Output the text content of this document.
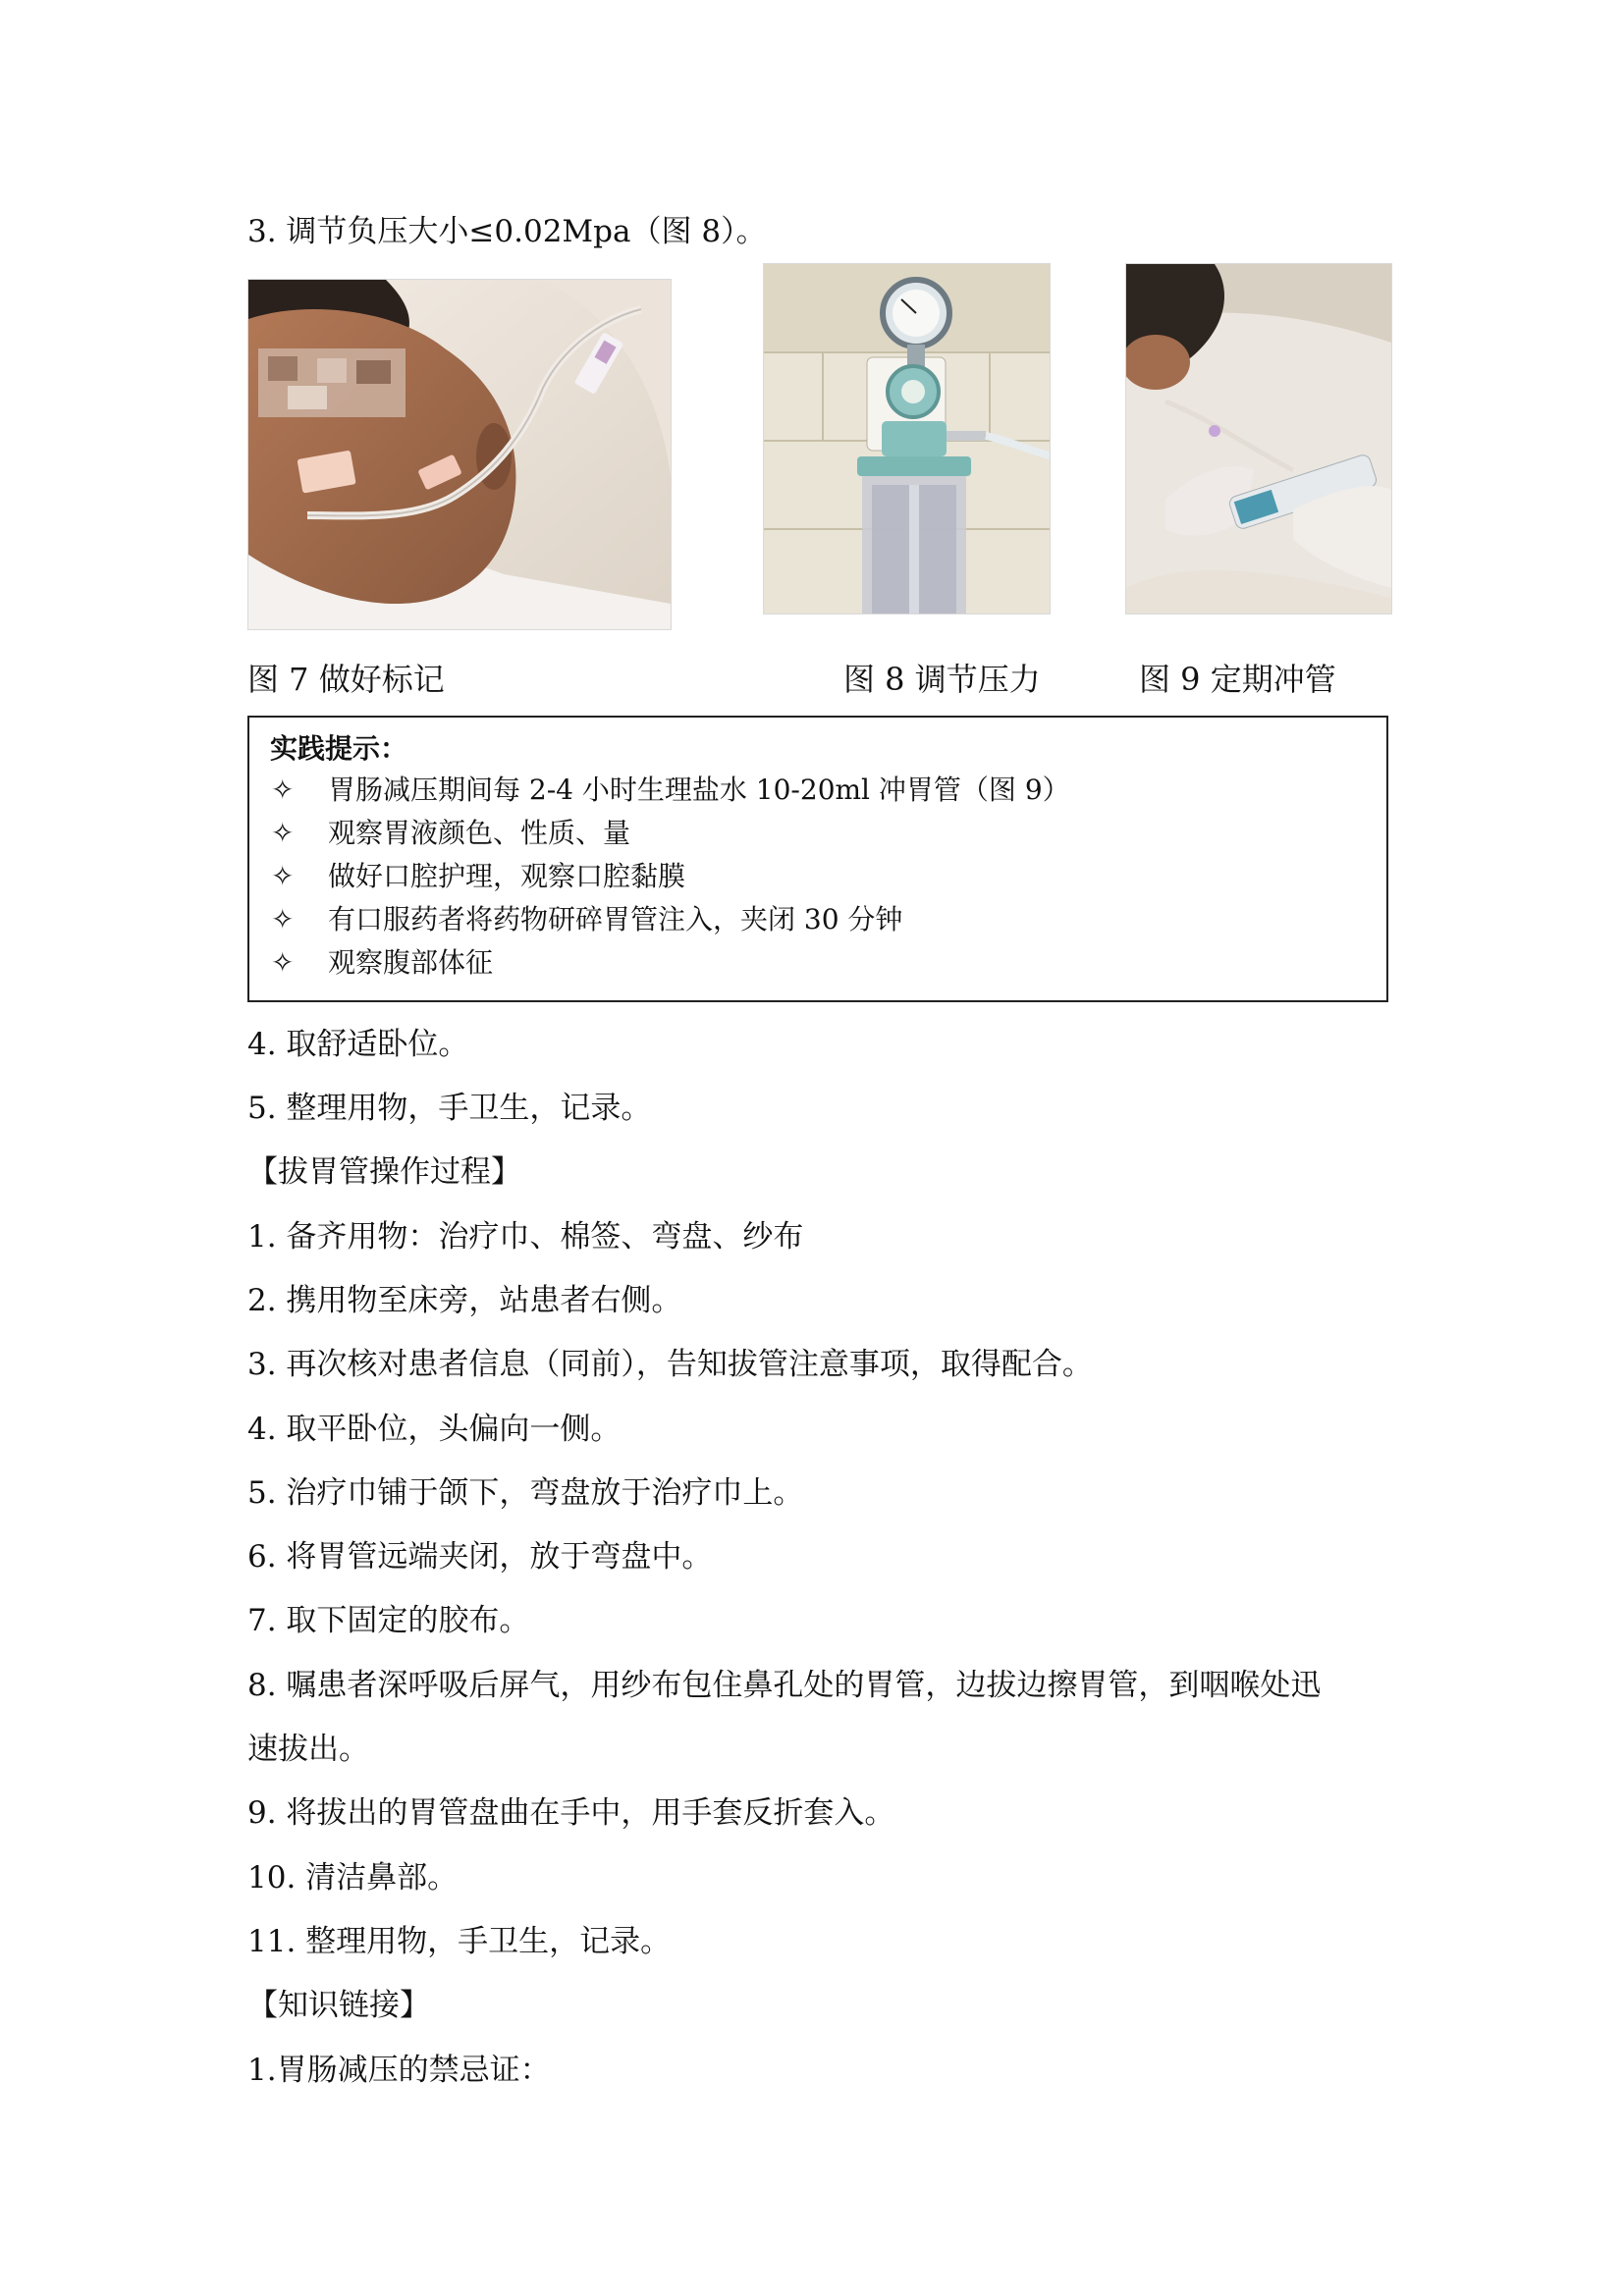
3. 调节负压大小≤0.02Mpa（图 8）。
图 7 做好标记	图 8 调节压力	图 9 定期冲管
实践提示：
✧ 胃肠减压期间每 2-4 小时生理盐水 10-20ml 冲胃管（图 9）
✧ 观察胃液颜色、性质、量
✧ 做好口腔护理，观察口腔黏膜
✧ 有口服药者将药物研碎胃管注入，夹闭 30 分钟
✧ 观察腹部体征
4. 取舒适卧位。
5. 整理用物，手卫生，记录。
【拔胃管操作过程】
1. 备齐用物：治疗巾、棉签、弯盘、纱布
2. 携用物至床旁，站患者右侧。
3. 再次核对患者信息（同前），告知拔管注意事项，取得配合。
4. 取平卧位，头偏向一侧。
5. 治疗巾铺于颌下，弯盘放于治疗巾上。
6. 将胃管远端夹闭，放于弯盘中。
7. 取下固定的胶布。
8. 嘱患者深呼吸后屏气，用纱布包住鼻孔处的胃管，边拔边擦胃管，到咽喉处迅
速拔出。
9. 将拔出的胃管盘曲在手中，用手套反折套入。
10. 清洁鼻部。
11. 整理用物，手卫生，记录。
【知识链接】
1.胃肠减压的禁忌证：
